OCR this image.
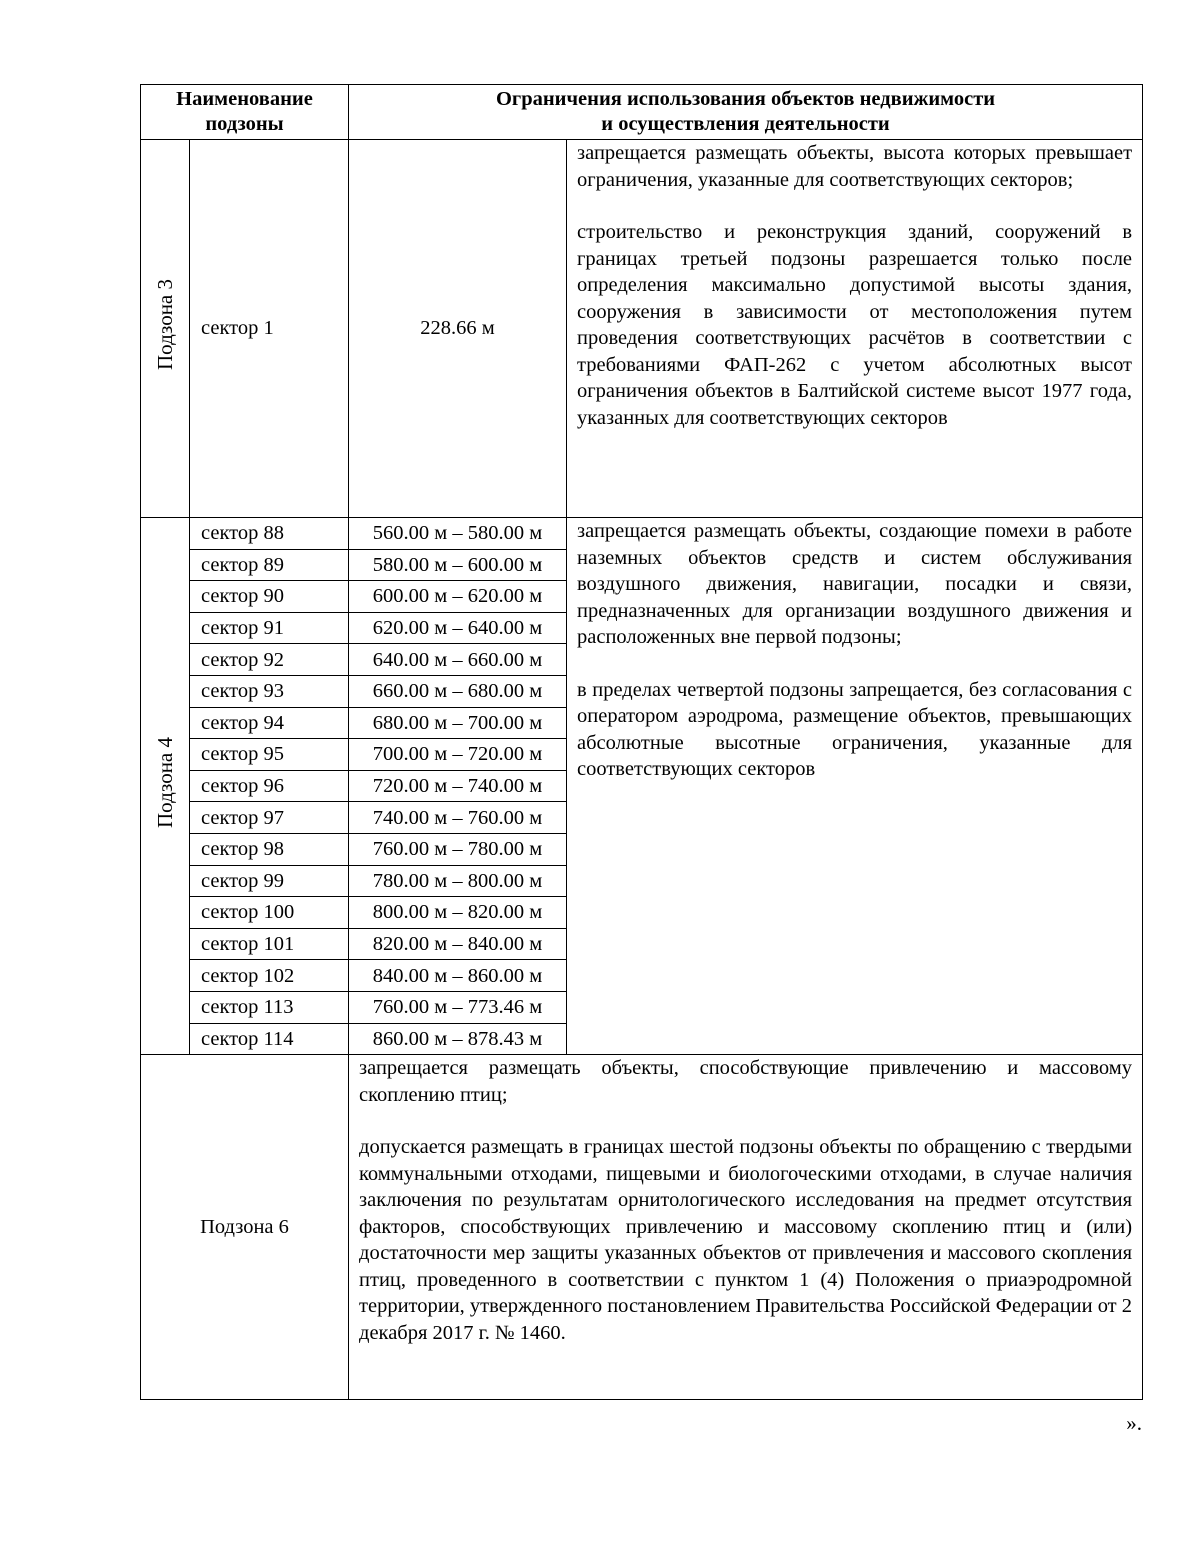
Наименование
подзоны		Ограничения использования объектов недвижимости
и осуществления деятельности	
Подзона 3	сектор 1	228.66 м	запрещается размещать объекты, высота которых превышает ограничения, указанные для соответствующих секторов;

строительство и реконструкция зданий, сооружений в границах третьей подзоны разрешается только после определения максимально допустимой высоты здания, сооружения в зависимости от местоположения путем проведения соответствующих расчётов в соответствии с требованиями ФАП-262 с учетом абсолютных высот ограничения объектов в Балтийской системе высот 1977 года, указанных для соответствующих секторов

Подзона 4	сектор 88	560.00 м – 580.00 м	запрещается размещать объекты, создающие помехи в работе наземных объектов средств и систем обслуживания воздушного движения, навигации, посадки и связи, предназначенных для организации воздушного движения и расположенных вне первой подзоны;

в пределах четвертой подзоны запрещается, без согласования с оператором аэродрома, размещение объектов, превышающих абсолютные высотные ограничения, указанные для соответствующих секторов

	сектор 89	580.00 м – 600.00 м	
	сектор 90	600.00 м – 620.00 м	
	сектор 91	620.00 м – 640.00 м	
	сектор 92	640.00 м – 660.00 м	
	сектор 93	660.00 м – 680.00 м	
	сектор 94	680.00 м – 700.00 м	
	сектор 95	700.00 м – 720.00 м	
	сектор 96	720.00 м – 740.00 м	
	сектор 97	740.00 м – 760.00 м	
	сектор 98	760.00 м – 780.00 м	
	сектор 99	780.00 м – 800.00 м	
	сектор 100	800.00 м – 820.00 м	
	сектор 101	820.00 м – 840.00 м	
	сектор 102	840.00 м – 860.00 м	
	сектор 113	760.00 м – 773.46 м	
	сектор 114	860.00 м – 878.43 м	
Подзона 6		запрещается размещать объекты, способствующие привлечению и массовому скоплению птиц;

допускается размещать в границах шестой подзоны объекты по обращению с твердыми коммунальными отходами, пищевыми и биологоческими отходами, в случае наличия заключения по результатам орнитологического исследования на предмет отсутствия факторов, способствующих привлечению и массовому скоплению птиц и (или) достаточности мер защиты указанных объектов от привлечения и массового скопления птиц, проведенного в соответствии с пунктом 1 (4) Положения о приаэродромной территории, утвержденного постановлением Правительства Российской Федерации от 2 декабря 2017 г. № 1460.	

».
